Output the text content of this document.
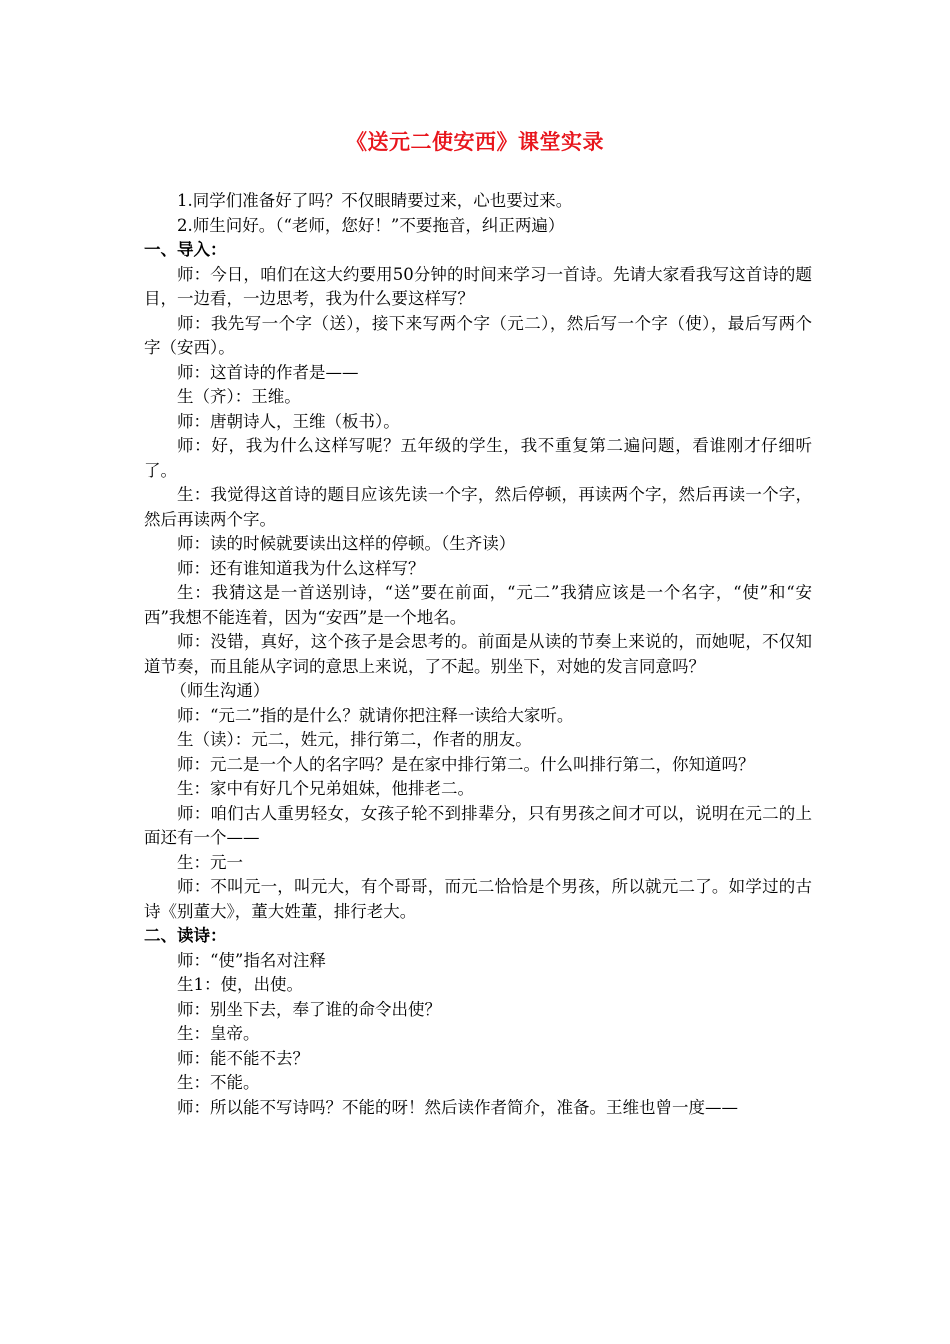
《送元二使安西》课堂实录

1.同学们准备好了吗？不仅眼睛要过来，心也要过来。

2.师生问好。（“老师，您好！”不要拖音，纠正两遍）

一、导入：

师：今日，咱们在这大约要用50分钟的时间来学习一首诗。先请大家看我写这首诗的题目，一边看，一边思考，我为什么要这样写？

师：我先写一个字（送），接下来写两个字（元二），然后写一个字（使），最后写两个字（安西）。

师：这首诗的作者是——

生（齐）：王维。

师：唐朝诗人，王维（板书）。

师：好，我为什么这样写呢？五年级的学生，我不重复第二遍问题，看谁刚才仔细听了。

生：我觉得这首诗的题目应该先读一个字，然后停顿，再读两个字，然后再读一个字，然后再读两个字。

师：读的时候就要读出这样的停顿。（生齐读）

师：还有谁知道我为什么这样写？

生：我猜这是一首送别诗，“送”要在前面，“元二”我猜应该是一个名字，“使”和“安西”我想不能连着，因为“安西”是一个地名。

师：没错，真好，这个孩子是会思考的。前面是从读的节奏上来说的，而她呢，不仅知道节奏，而且能从字词的意思上来说，了不起。别坐下，对她的发言同意吗？

（师生沟通）

师：“元二”指的是什么？就请你把注释一读给大家听。

生（读）：元二，姓元，排行第二，作者的朋友。

师：元二是一个人的名字吗？是在家中排行第二。什么叫排行第二，你知道吗？

生：家中有好几个兄弟姐妹，他排老二。

师：咱们古人重男轻女，女孩子轮不到排辈分，只有男孩之间才可以，说明在元二的上面还有一个——

生：元一

师：不叫元一，叫元大，有个哥哥，而元二恰恰是个男孩，所以就元二了。如学过的古诗《别董大》，董大姓董，排行老大。

二、读诗：

师：“使”指名对注释

生1：使，出使。

师：别坐下去，奉了谁的命令出使？

生：皇帝。

师：能不能不去？

生：不能。

师：所以能不写诗吗？不能的呀！然后读作者简介，准备。王维也曾一度——
